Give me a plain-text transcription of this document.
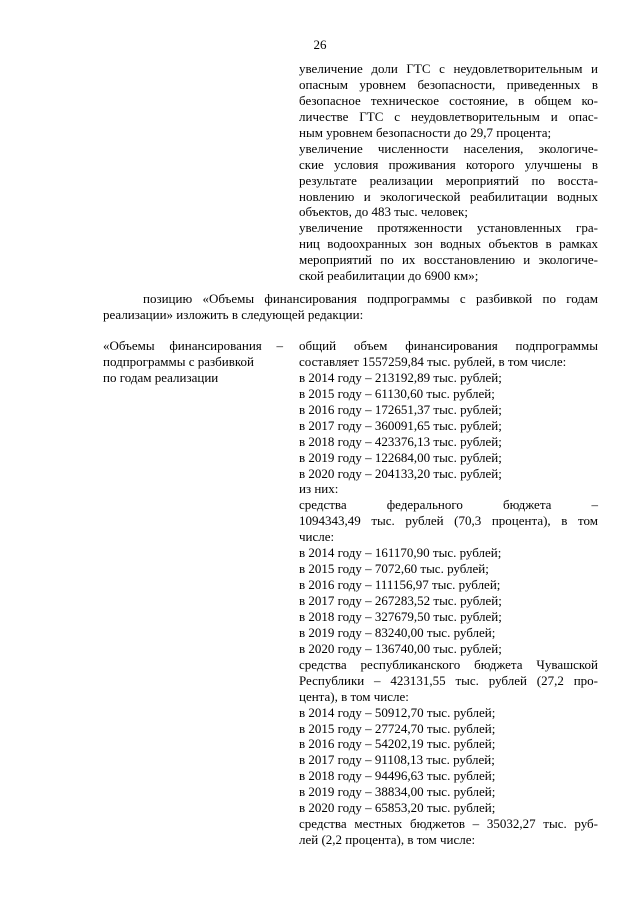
26
увеличение доли ГТС с неудовлетворительным и
опасным уровнем безопасности, приведенных в
безопасное техническое состояние, в общем ко-
личестве ГТС с неудовлетворительным и опас-
ным уровнем безопасности до 29,7 процента;
увеличение численности населения, экологиче-
ские условия проживания которого улучшены в
результате реализации мероприятий по восста-
новлению и экологической реабилитации водных
объектов, до 483 тыс. человек;
увеличение протяженности установленных гра-
ниц водоохранных зон водных объектов в рамках
мероприятий по их восстановлению и экологиче-
ской реабилитации до 6900 км»;
позицию «Объемы финансирования подпрограммы с разбивкой по годам
реализации» изложить в следующей редакции:
«Объемы финансирования –
подпрограммы с разбивкой
по годам реализации
общий объем финансирования подпрограммы
составляет 1557259,84 тыс. рублей, в том числе:
в 2014 году – 213192,89 тыс. рублей;
в 2015 году – 61130,60 тыс. рублей;
в 2016 году – 172651,37 тыс. рублей;
в 2017 году – 360091,65 тыс. рублей;
в 2018 году – 423376,13 тыс. рублей;
в 2019 году – 122684,00 тыс. рублей;
в 2020 году – 204133,20 тыс. рублей;
из них:
средства федерального бюджета –
1094343,49 тыс. рублей (70,3 процента), в том
числе:
в 2014 году – 161170,90 тыс. рублей;
в 2015 году – 7072,60 тыс. рублей;
в 2016 году – 111156,97 тыс. рублей;
в 2017 году – 267283,52 тыс. рублей;
в 2018 году – 327679,50 тыс. рублей;
в 2019 году – 83240,00 тыс. рублей;
в 2020 году – 136740,00 тыс. рублей;
средства республиканского бюджета Чувашской
Республики – 423131,55 тыс. рублей (27,2 про-
цента), в том числе:
в 2014 году – 50912,70 тыс. рублей;
в 2015 году – 27724,70 тыс. рублей;
в 2016 году – 54202,19 тыс. рублей;
в 2017 году – 91108,13 тыс. рублей;
в 2018 году – 94496,63 тыс. рублей;
в 2019 году – 38834,00 тыс. рублей;
в 2020 году – 65853,20 тыс. рублей;
средства местных бюджетов – 35032,27 тыс. руб-
лей (2,2 процента), в том числе:
